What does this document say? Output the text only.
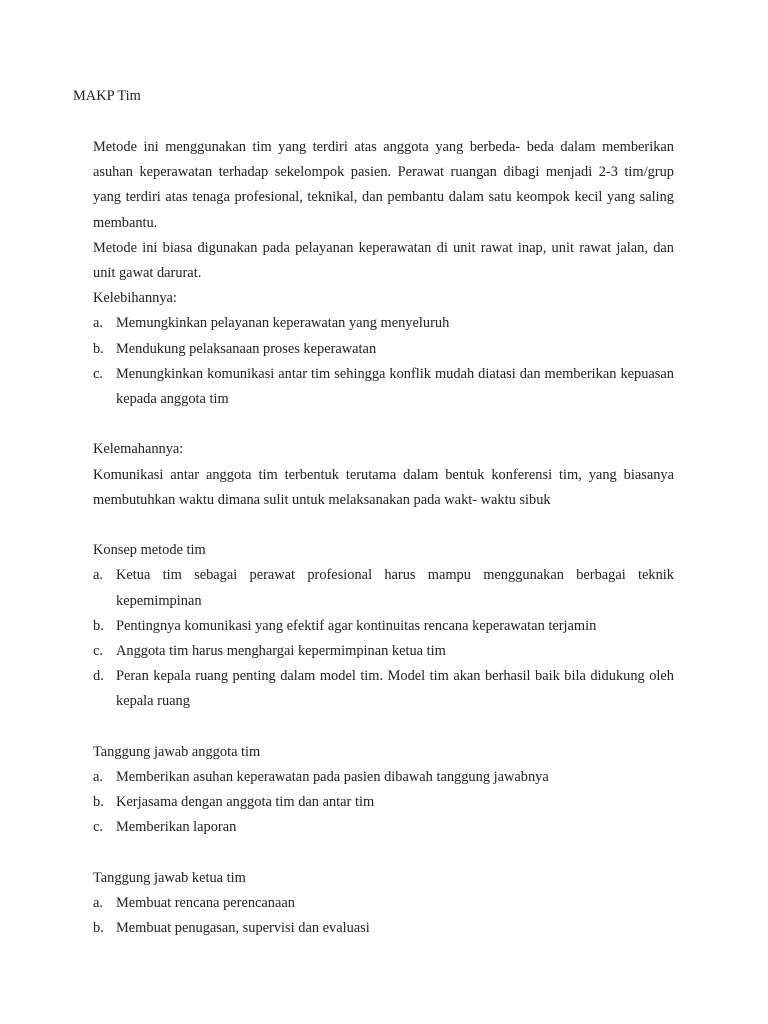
MAKP Tim

Metode ini menggunakan tim yang terdiri atas anggota yang berbeda- beda dalam memberikan asuhan keperawatan terhadap sekelompok pasien. Perawat ruangan dibagi menjadi 2-3 tim/grup yang terdiri atas tenaga profesional, teknikal, dan pembantu dalam satu keompok kecil yang saling membantu.

Metode ini biasa digunakan pada pelayanan keperawatan di unit rawat inap, unit rawat jalan, dan unit gawat darurat.

Kelebihannya:

a. Memungkinkan pelayanan keperawatan yang menyeluruh
b. Mendukung pelaksanaan proses keperawatan
c. Menungkinkan komunikasi antar tim sehingga konflik mudah diatasi dan memberikan kepuasan kepada anggota tim

Kelemahannya:

Komunikasi antar anggota tim terbentuk terutama dalam bentuk konferensi tim, yang biasanya membutuhkan waktu dimana sulit untuk melaksanakan pada wakt- waktu sibuk

Konsep metode tim

a. Ketua tim sebagai perawat profesional harus mampu menggunakan berbagai teknik kepemimpinan
b. Pentingnya komunikasi yang efektif agar kontinuitas rencana keperawatan terjamin
c. Anggota tim harus menghargai kepermimpinan ketua tim
d. Peran kepala ruang penting dalam model tim. Model tim akan berhasil baik bila didukung oleh kepala ruang

Tanggung jawab anggota tim

a. Memberikan asuhan keperawatan pada pasien dibawah tanggung jawabnya
b. Kerjasama dengan anggota tim dan antar tim
c. Memberikan laporan

Tanggung jawab ketua tim

a. Membuat rencana perencanaan
b. Membuat penugasan, supervisi dan evaluasi
